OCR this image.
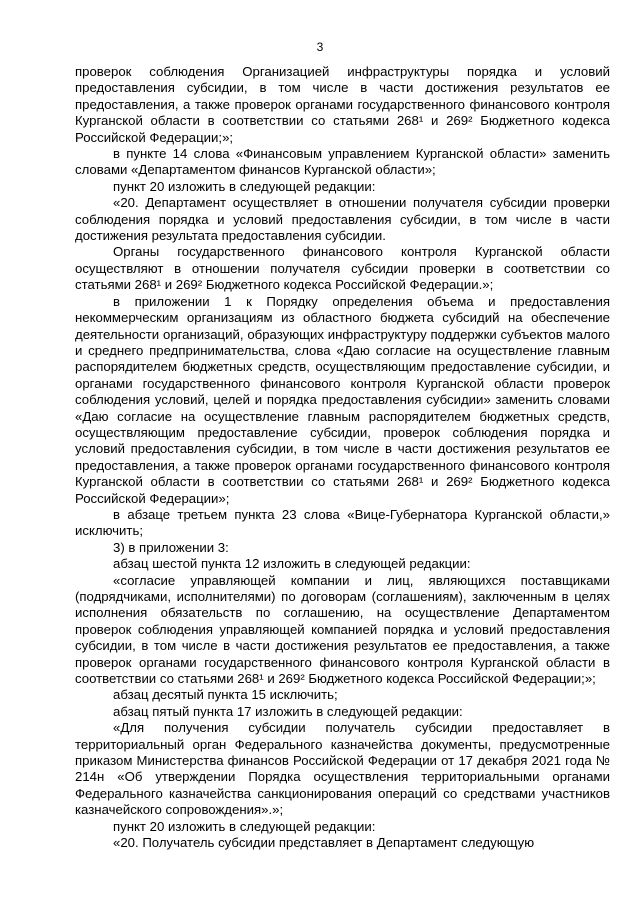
3

проверок соблюдения Организацией инфраструктуры порядка и условий предоставления субсидии, в том числе в части достижения результатов ее предоставления, а также проверок органами государственного финансового контроля Курганской области в соответствии со статьями 268¹ и 269² Бюджетного кодекса Российской Федерации;»;

в пункте 14 слова «Финансовым управлением Курганской области» заменить словами «Департаментом финансов Курганской области»;

пункт 20 изложить в следующей редакции:

«20. Департамент осуществляет в отношении получателя субсидии проверки соблюдения порядка и условий предоставления субсидии, в том числе в части достижения результата предоставления субсидии.

Органы государственного финансового контроля Курганской области осуществляют в отношении получателя субсидии проверки в соответствии со статьями 268¹ и 269² Бюджетного кодекса Российской Федерации.»;

в приложении 1 к Порядку определения объема и предоставления некоммерческим организациям из областного бюджета субсидий на обеспечение деятельности организаций, образующих инфраструктуру поддержки субъектов малого и среднего предпринимательства, слова «Даю согласие на осуществление главным распорядителем бюджетных средств, осуществляющим предоставление субсидии, и органами государственного финансового контроля Курганской области проверок соблюдения условий, целей и порядка предоставления субсидии» заменить словами «Даю согласие на осуществление главным распорядителем бюджетных средств, осуществляющим предоставление субсидии, проверок соблюдения порядка и условий предоставления субсидии, в том числе в части достижения результатов ее предоставления, а также проверок органами государственного финансового контроля Курганской области в соответствии со статьями 268¹ и 269² Бюджетного кодекса Российской Федерации»;

в абзаце третьем пункта 23 слова «Вице-Губернатора Курганской области,» исключить;

3) в приложении 3:

абзац шестой пункта 12 изложить в следующей редакции:

«согласие управляющей компании и лиц, являющихся поставщиками (подрядчиками, исполнителями) по договорам (соглашениям), заключенным в целях исполнения обязательств по соглашению, на осуществление Департаментом проверок соблюдения управляющей компанией порядка и условий предоставления субсидии, в том числе в части достижения результатов ее предоставления, а также проверок органами государственного финансового контроля Курганской области в соответствии со статьями 268¹ и 269² Бюджетного кодекса Российской Федерации;»;

абзац десятый пункта 15 исключить;

абзац пятый пункта 17 изложить в следующей редакции:

«Для получения субсидии получатель субсидии предоставляет в территориальный орган Федерального казначейства документы, предусмотренные приказом Министерства финансов Российской Федерации от 17 декабря 2021 года № 214н «Об утверждении Порядка осуществления территориальными органами Федерального казначейства санкционирования операций со средствами участников казначейского сопровождения».»;

пункт 20 изложить в следующей редакции:

«20. Получатель субсидии представляет в Департамент следующую
